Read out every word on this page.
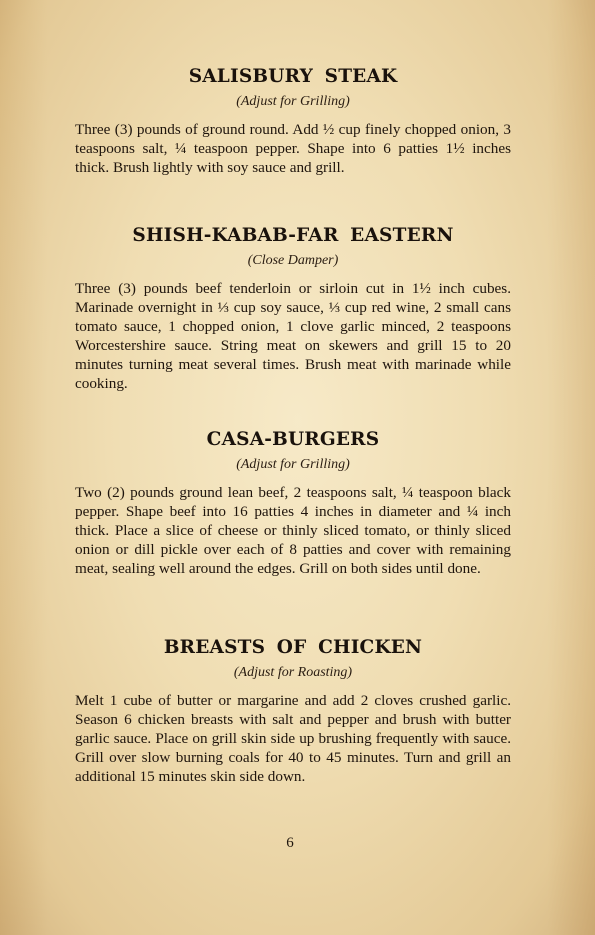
SALISBURY STEAK
(Adjust for Grilling)

Three (3) pounds of ground round. Add ½ cup finely chopped onion, 3 teaspoons salt, ¼ teaspoon pepper. Shape into 6 patties 1½ inches thick. Brush lightly with soy sauce and grill.

SHISH-KABAB-FAR EASTERN
(Close Damper)

Three (3) pounds beef tenderloin or sirloin cut in 1½ inch cubes. Marinade overnight in ⅓ cup soy sauce, ⅓ cup red wine, 2 small cans tomato sauce, 1 chopped onion, 1 clove garlic minced, 2 teaspoons Worcestershire sauce. String meat on skewers and grill 15 to 20 minutes turning meat several times. Brush meat with marinade while cooking.

CASA-BURGERS
(Adjust for Grilling)

Two (2) pounds ground lean beef, 2 teaspoons salt, ¼ teaspoon black pepper. Shape beef into 16 patties 4 inches in diameter and ¼ inch thick. Place a slice of cheese or thinly sliced tomato, or thinly sliced onion or dill pickle over each of 8 patties and cover with remaining meat, sealing well around the edges. Grill on both sides until done.

BREASTS OF CHICKEN
(Adjust for Roasting)

Melt 1 cube of butter or margarine and add 2 cloves crushed garlic. Season 6 chicken breasts with salt and pepper and brush with butter garlic sauce. Place on grill skin side up brushing frequently with sauce. Grill over slow burning coals for 40 to 45 minutes. Turn and grill an additional 15 minutes skin side down.

6
